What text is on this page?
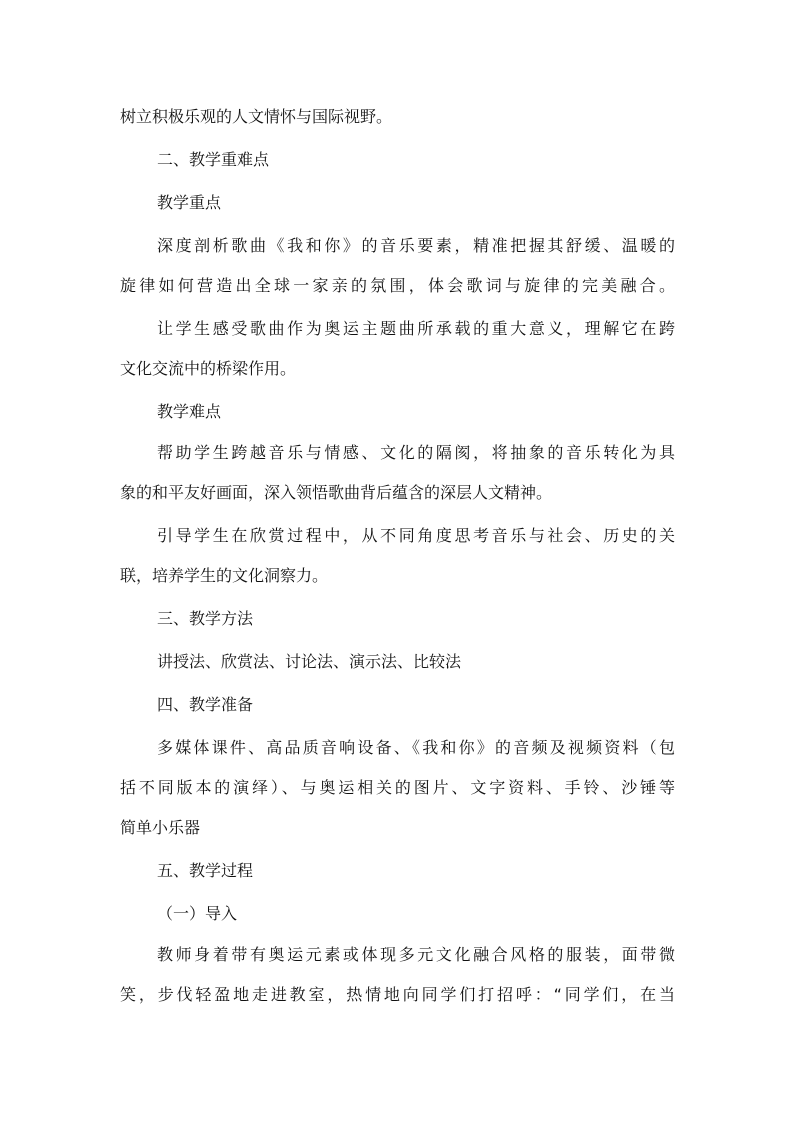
树立积极乐观的人文情怀与国际视野。

二、教学重难点

教学重点

深度剖析歌曲《我和你》的音乐要素，精准把握其舒缓、温暖的

旋律如何营造出全球一家亲的氛围，体会歌词与旋律的完美融合。

让学生感受歌曲作为奥运主题曲所承载的重大意义，理解它在跨

文化交流中的桥梁作用。

教学难点

帮助学生跨越音乐与情感、文化的隔阂，将抽象的音乐转化为具

象的和平友好画面，深入领悟歌曲背后蕴含的深层人文精神。

引导学生在欣赏过程中，从不同角度思考音乐与社会、历史的关

联，培养学生的文化洞察力。

三、教学方法

讲授法、欣赏法、讨论法、演示法、比较法

四、教学准备

多媒体课件、高品质音响设备、《我和你》的音频及视频资料（包

括不同版本的演绎）、与奥运相关的图片、文字资料、手铃、沙锤等

简单小乐器

五、教学过程

（一）导入

教师身着带有奥运元素或体现多元文化融合风格的服装，面带微

笑，步伐轻盈地走进教室，热情地向同学们打招呼：“同学们，在当
